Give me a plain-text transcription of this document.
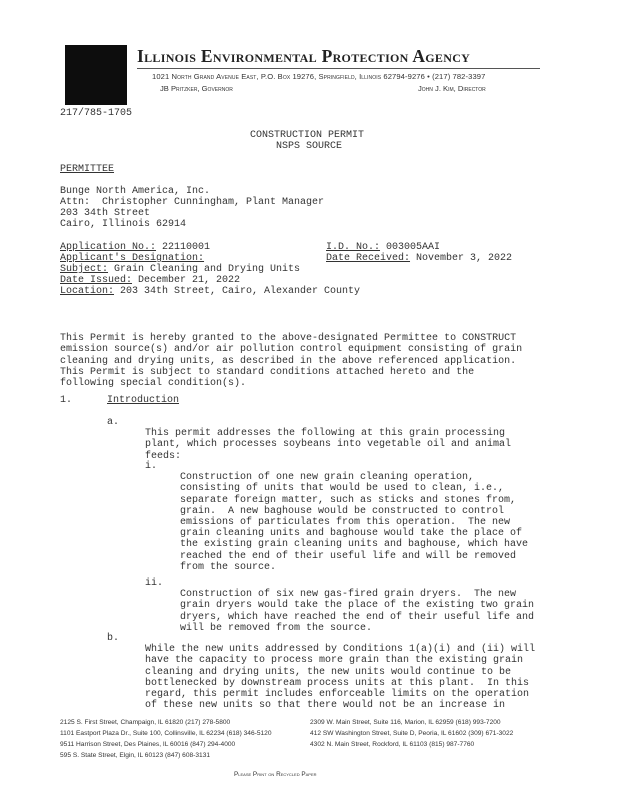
Illinois Environmental Protection Agency
1021 North Grand Avenue East, P.O. Box 19276, Springfield, Illinois 62794-9276 • (217) 782-3397
JB Pritzker, Governor	John J. Kim, Director
217/785-1705
CONSTRUCTION PERMIT
NSPS SOURCE
PERMITTEE
Bunge North America, Inc.
Attn:  Christopher Cunningham, Plant Manager
203 34th Street
Cairo, Illinois 62914
Application No.: 22110001	I.D. No.: 003005AAI
Applicant's Designation:	Date Received: November 3, 2022
Subject: Grain Cleaning and Drying Units
Date Issued: December 21, 2022
Location: 203 34th Street, Cairo, Alexander County

This Permit is hereby granted to the above-designated Permittee to CONSTRUCT
emission source(s) and/or air pollution control equipment consisting of grain
cleaning and drying units, as described in the above referenced application.
This Permit is subject to standard conditions attached hereto and the
following special condition(s).

1.	Introduction
a.

This permit addresses the following at this grain processing
plant, which processes soybeans into vegetable oil and animal
feeds:

i.

Construction of one new grain cleaning operation,
consisting of units that would be used to clean, i.e.,
separate foreign matter, such as sticks and stones from,
grain.  A new baghouse would be constructed to control
emissions of particulates from this operation.  The new
grain cleaning units and baghouse would take the place of
the existing grain cleaning units and baghouse, which have
reached the end of their useful life and will be removed
from the source.

ii.

Construction of six new gas-fired grain dryers.  The new
grain dryers would take the place of the existing two grain
dryers, which have reached the end of their useful life and
will be removed from the source.

b.

While the new units addressed by Conditions 1(a)(i) and (ii) will
have the capacity to process more grain than the existing grain
cleaning and drying units, the new units would continue to be
bottlenecked by downstream process units at this plant.  In this
regard, this permit includes enforceable limits on the operation
of these new units so that there would not be an increase in

2125 S. First Street, Champaign, IL 61820 (217) 278-5800
1101 Eastport Plaza Dr., Suite 100, Collinsville, IL 62234 (618) 346-5120
9511 Harrison Street, Des Plaines, IL 60016 (847) 294-4000
595 S. State Street, Elgin, IL 60123 (847) 608-3131
2309 W. Main Street, Suite 116, Marion, IL 62959 (618) 993-7200
412 SW Washington Street, Suite D, Peoria, IL 61602 (309) 671-3022
4302 N. Main Street, Rockford, IL 61103 (815) 987-7760
Please Print on Recycled Paper
